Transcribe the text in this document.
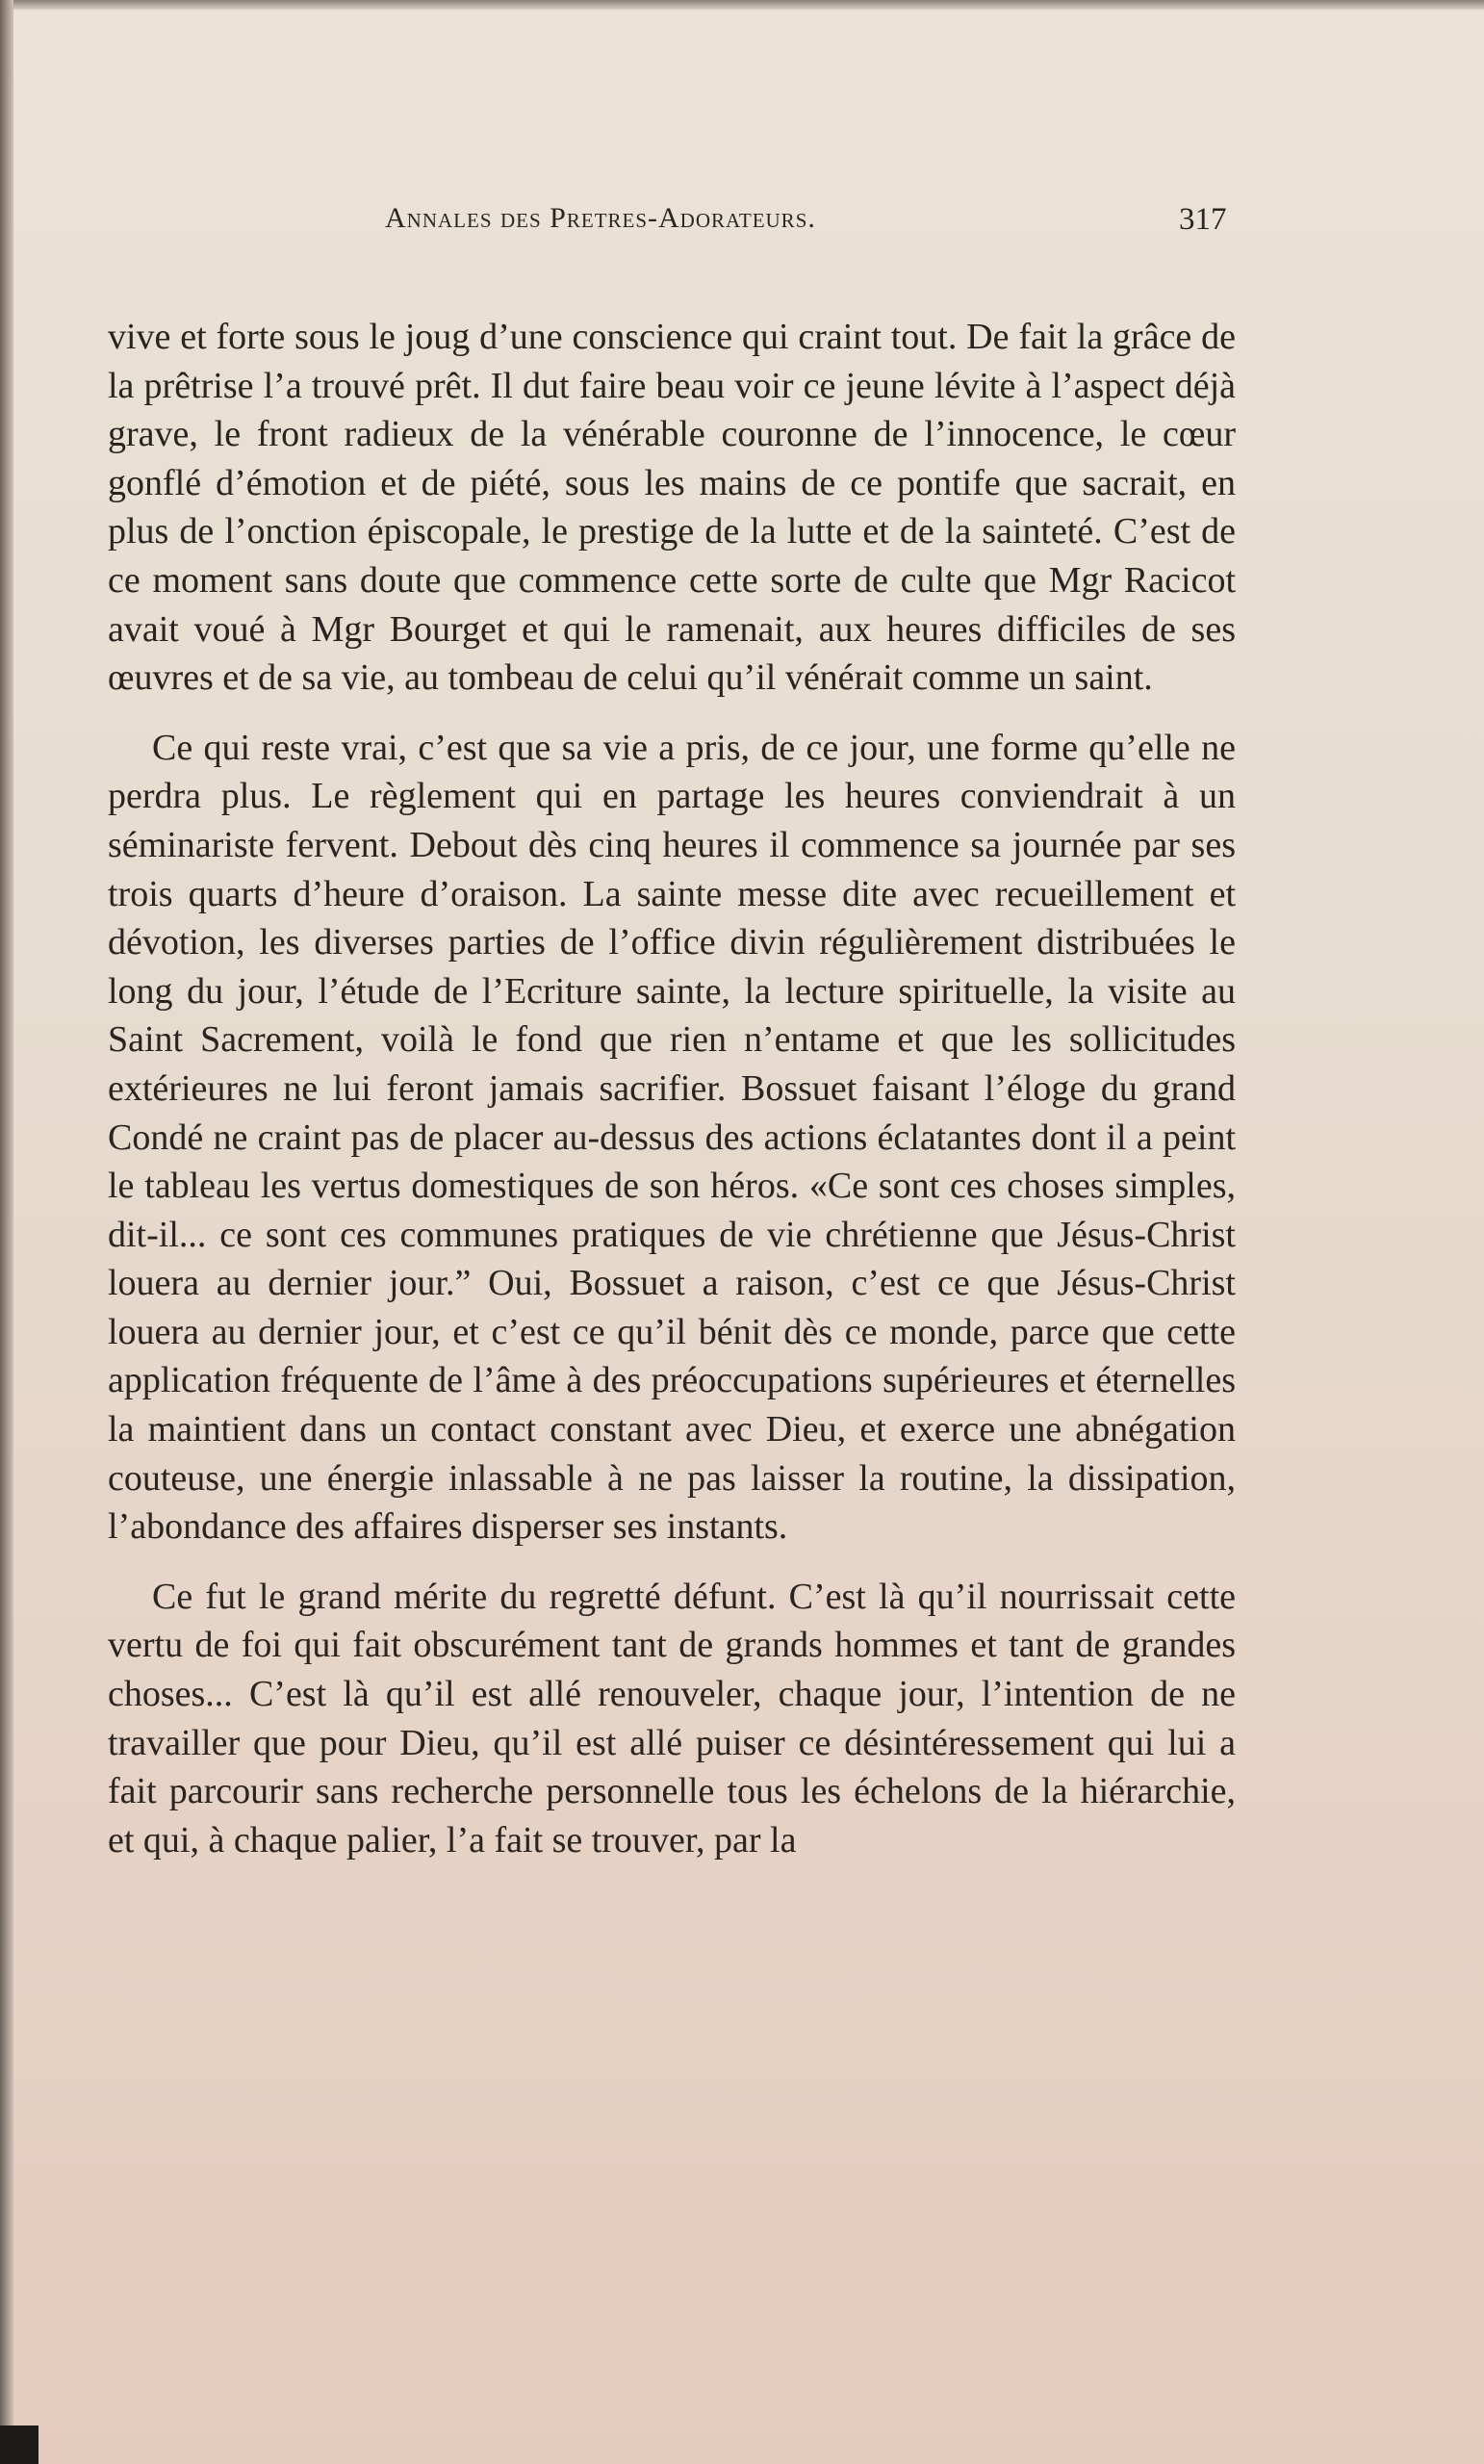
Annales des Pretres-Adorateurs.	317

vive et forte sous le joug d’une conscience qui craint tout. De fait la grâce de la prêtrise l’a trouvé prêt. Il dut faire beau voir ce jeune lévite à l’aspect déjà grave, le front radieux de la vénérable couronne de l’innocence, le cœur gonflé d’émotion et de piété, sous les mains de ce pontife que sacrait, en plus de l’onction épiscopale, le prestige de la lutte et de la sainteté. C’est de ce moment sans doute que commence cette sorte de culte que Mgr Racicot avait voué à Mgr Bourget et qui le ramenait, aux heures difficiles de ses œuvres et de sa vie, au tombeau de celui qu’il vénérait comme un saint.

Ce qui reste vrai, c’est que sa vie a pris, de ce jour, une forme qu’elle ne perdra plus. Le règlement qui en partage les heures conviendrait à un séminariste fervent. Debout dès cinq heures il commence sa journée par ses trois quarts d’heure d’oraison. La sainte messe dite avec recueillement et dévotion, les diverses parties de l’office divin régulièrement distribuées le long du jour, l’étude de l’Ecriture sainte, la lecture spirituelle, la visite au Saint Sacrement, voilà le fond que rien n’entame et que les sollicitudes extérieures ne lui feront jamais sacrifier. Bossuet faisant l’éloge du grand Condé ne craint pas de placer au-dessus des actions éclatantes dont il a peint le tableau les vertus domestiques de son héros. «Ce sont ces choses simples, dit-il... ce sont ces communes pratiques de vie chrétienne que Jésus-Christ louera au dernier jour.” Oui, Bossuet a raison, c’est ce que Jésus-Christ louera au dernier jour, et c’est ce qu’il bénit dès ce monde, parce que cette application fréquente de l’âme à des préoccupations supérieures et éternelles la maintient dans un contact constant avec Dieu, et exerce une abnégation couteuse, une énergie inlassable à ne pas laisser la routine, la dissipation, l’abondance des affaires disperser ses instants.

Ce fut le grand mérite du regretté défunt. C’est là qu’il nourrissait cette vertu de foi qui fait obscurément tant de grands hommes et tant de grandes choses... C’est là qu’il est allé renouveler, chaque jour, l’intention de ne travailler que pour Dieu, qu’il est allé puiser ce désintéressement qui lui a fait parcourir sans recherche personnelle tous les échelons de la hiérarchie, et qui, à chaque palier, l’a fait se trouver, par la
